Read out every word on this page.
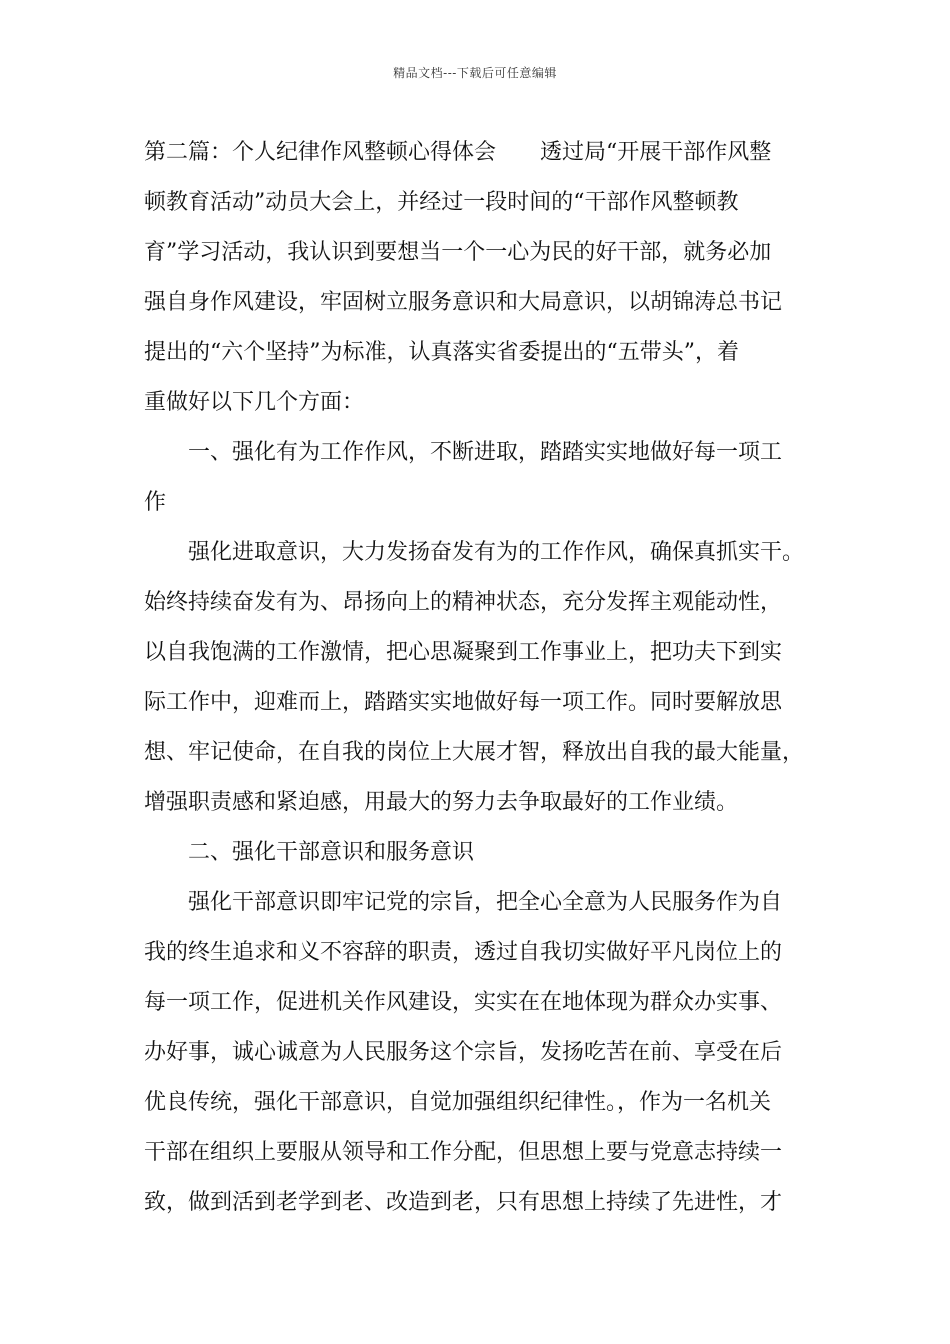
精品文档---下载后可任意编辑
第二篇：个人纪律作风整顿心得体会 透过局“开展干部作风整
顿教育活动”动员大会上，并经过一段时间的“干部作风整顿教
育”学习活动，我认识到要想当一个一心为民的好干部，就务必加
强自身作风建设，牢固树立服务意识和大局意识，以胡锦涛总书记
提出的“六个坚持”为标准，认真落实省委提出的“五带头”，着
重做好以下几个方面：
一、强化有为工作作风，不断进取，踏踏实实地做好每一项工
作
强化进取意识，大力发扬奋发有为的工作作风，确保真抓实干。
始终持续奋发有为、昂扬向上的精神状态，充分发挥主观能动性，
以自我饱满的工作激情，把心思凝聚到工作事业上，把功夫下到实
际工作中，迎难而上，踏踏实实地做好每一项工作。同时要解放思
想、牢记使命，在自我的岗位上大展才智，释放出自我的最大能量，
增强职责感和紧迫感，用最大的努力去争取最好的工作业绩。
二、强化干部意识和服务意识
强化干部意识即牢记党的宗旨，把全心全意为人民服务作为自
我的终生追求和义不容辞的职责，透过自我切实做好平凡岗位上的
每一项工作，促进机关作风建设，实实在在地体现为群众办实事、
办好事，诚心诚意为人民服务这个宗旨，发扬吃苦在前、享受在后
优良传统，强化干部意识，自觉加强组织纪律性。，作为一名机关
干部在组织上要服从领导和工作分配，但思想上要与党意志持续一
致，做到活到老学到老、改造到老，只有思想上持续了先进性，才
